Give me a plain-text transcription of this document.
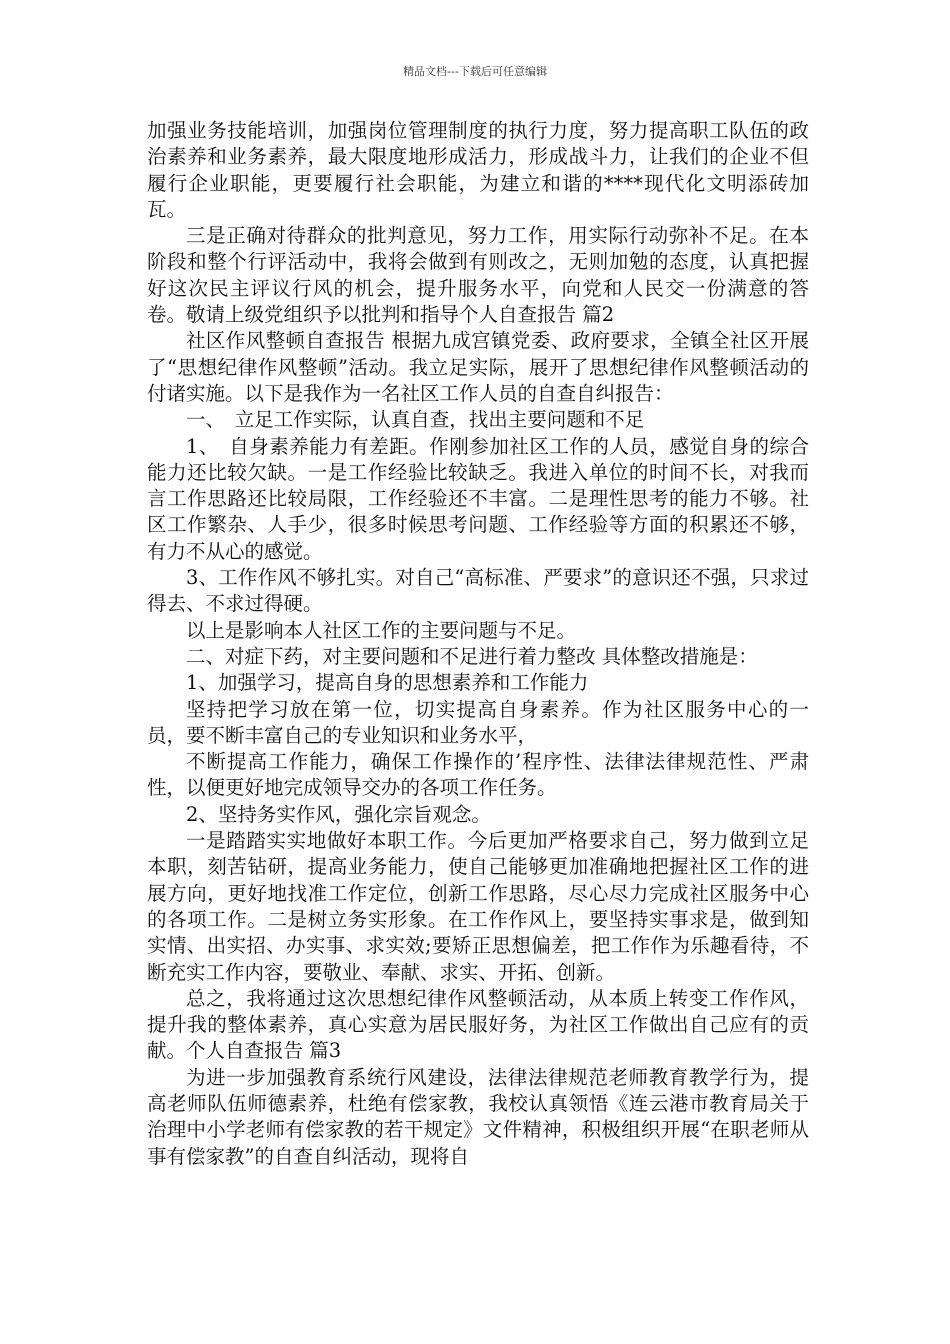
精品文档---下载后可任意编辑

加强业务技能培训，加强岗位管理制度的执行力度，努力提高职工队伍的政治素养和业务素养，最大限度地形成活力，形成战斗力，让我们的企业不但履行企业职能，更要履行社会职能，为建立和谐的****现代化文明添砖加瓦。

三是正确对待群众的批判意见，努力工作，用实际行动弥补不足。在本阶段和整个行评活动中，我将会做到有则改之，无则加勉的态度，认真把握好这次民主评议行风的机会，提升服务水平，向党和人民交一份满意的答卷。敬请上级党组织予以批判和指导个人自查报告 篇2

社区作风整顿自查报告 根据九成宫镇党委、政府要求，全镇全社区开展了“思想纪律作风整顿”活动。我立足实际，展开了思想纪律作风整顿活动的付诸实施。以下是我作为一名社区工作人员的自查自纠报告：

一、　立足工作实际，认真自查，找出主要问题和不足

1、　自身素养能力有差距。作刚参加社区工作的人员，感觉自身的综合能力还比较欠缺。一是工作经验比较缺乏。我进入单位的时间不长，对我而言工作思路还比较局限，工作经验还不丰富。二是理性思考的能力不够。社区工作繁杂、人手少，很多时候思考问题、工作经验等方面的积累还不够，有力不从心的感觉。

3、工作作风不够扎实。对自己“高标准、严要求”的意识还不强，只求过得去、不求过得硬。

以上是影响本人社区工作的主要问题与不足。

二、对症下药，对主要问题和不足进行着力整改 具体整改措施是：

1、加强学习，提高自身的思想素养和工作能力

坚持把学习放在第一位，切实提高自身素养。作为社区服务中心的一员，要不断丰富自己的专业知识和业务水平，

不断提高工作能力，确保工作操作的’程序性、法律法律规范性、严肃性，以便更好地完成领导交办的各项工作任务。

2、坚持务实作风，强化宗旨观念。

一是踏踏实实地做好本职工作。今后更加严格要求自己，努力做到立足本职，刻苦钻研，提高业务能力，使自己能够更加准确地把握社区工作的进展方向，更好地找准工作定位，创新工作思路，尽心尽力完成社区服务中心的各项工作。二是树立务实形象。在工作作风上，要坚持实事求是，做到知实情、出实招、办实事、求实效;要矫正思想偏差，把工作作为乐趣看待，不断充实工作内容，要敬业、奉献、求实、开拓、创新。

总之，我将通过这次思想纪律作风整顿活动，从本质上转变工作作风，提升我的整体素养，真心实意为居民服好务，为社区工作做出自己应有的贡献。个人自查报告 篇3

为进一步加强教育系统行风建设，法律法律规范老师教育教学行为，提高老师队伍师德素养，杜绝有偿家教，我校认真领悟《连云港市教育局关于治理中小学老师有偿家教的若干规定》文件精神，积极组织开展“在职老师从事有偿家教”的自查自纠活动，现将自
